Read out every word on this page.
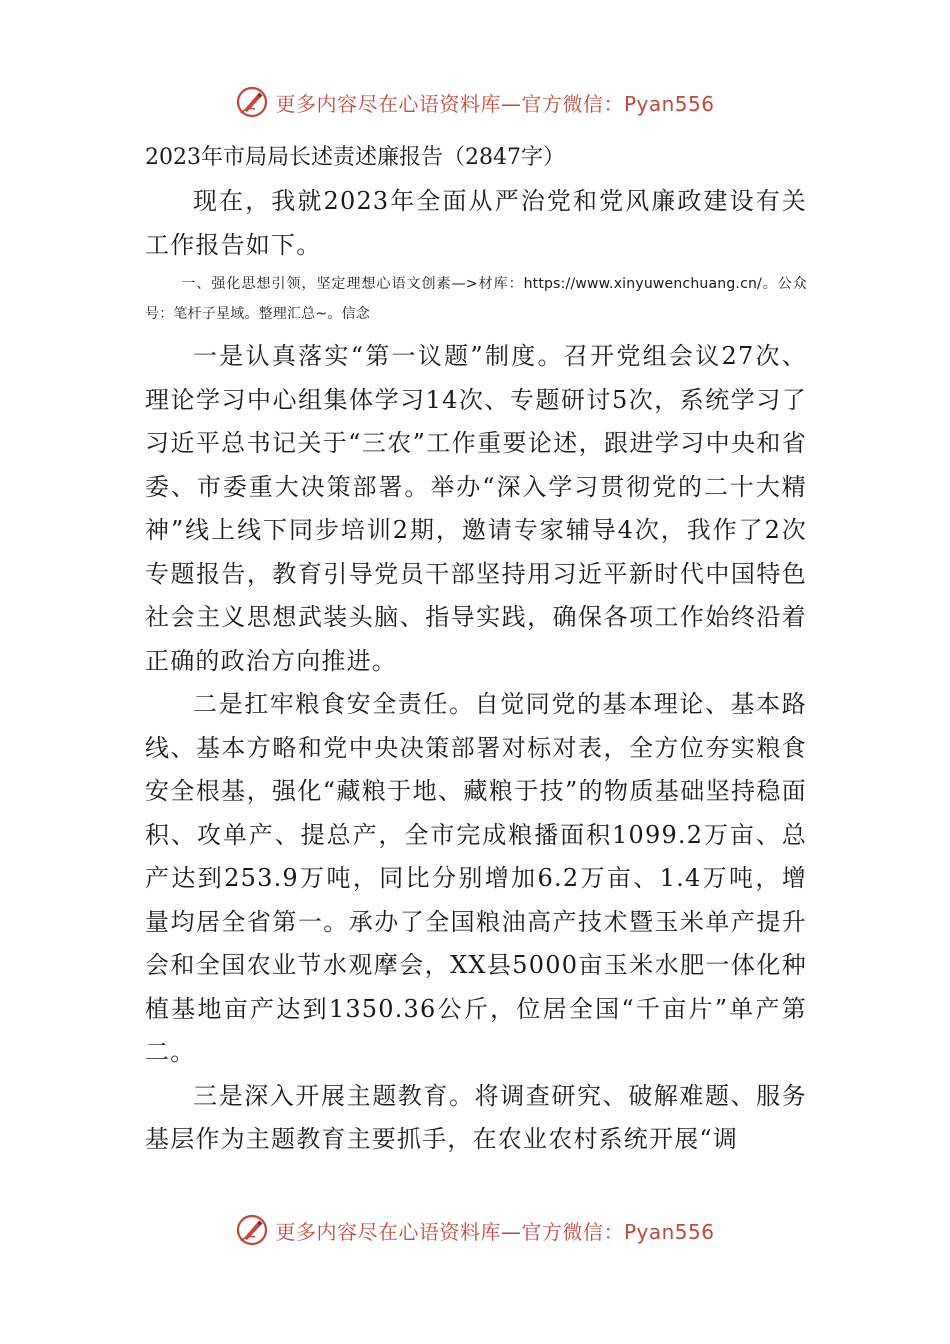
更多内容尽在心语资料库—官方微信：Pyan556

2023年市局局长述责述廉报告（2847字）

现在，我就2023年全面从严治党和党风廉政建设有关工作报告如下。

一、强化思想引领，坚定理想心语文创素—>材库：https://www.xinyuwenchuang.cn/。公众号：笔杆子星域。整理汇总~。信念

一是认真落实“第一议题”制度。召开党组会议27次、理论学习中心组集体学习14次、专题研讨5次，系统学习了习近平总书记关于“三农”工作重要论述，跟进学习中央和省委、市委重大决策部署。举办“深入学习贯彻党的二十大精神”线上线下同步培训2期，邀请专家辅导4次，我作了2次专题报告，教育引导党员干部坚持用习近平新时代中国特色社会主义思想武装头脑、指导实践，确保各项工作始终沿着正确的政治方向推进。

二是扛牢粮食安全责任。自觉同党的基本理论、基本路线、基本方略和党中央决策部署对标对表，全方位夯实粮食安全根基，强化“藏粮于地、藏粮于技”的物质基础坚持稳面积、攻单产、提总产，全市完成粮播面积1099.2万亩、总产达到253.9万吨，同比分别增加6.2万亩、1.4万吨，增量均居全省第一。承办了全国粮油高产技术暨玉米单产提升会和全国农业节水观摩会，XX县5000亩玉米水肥一体化种植基地亩产达到1350.36公斤，位居全国“千亩片”单产第二。

三是深入开展主题教育。将调查研究、破解难题、服务基层作为主题教育主要抓手，在农业农村系统开展“调

更多内容尽在心语资料库—官方微信：Pyan556
